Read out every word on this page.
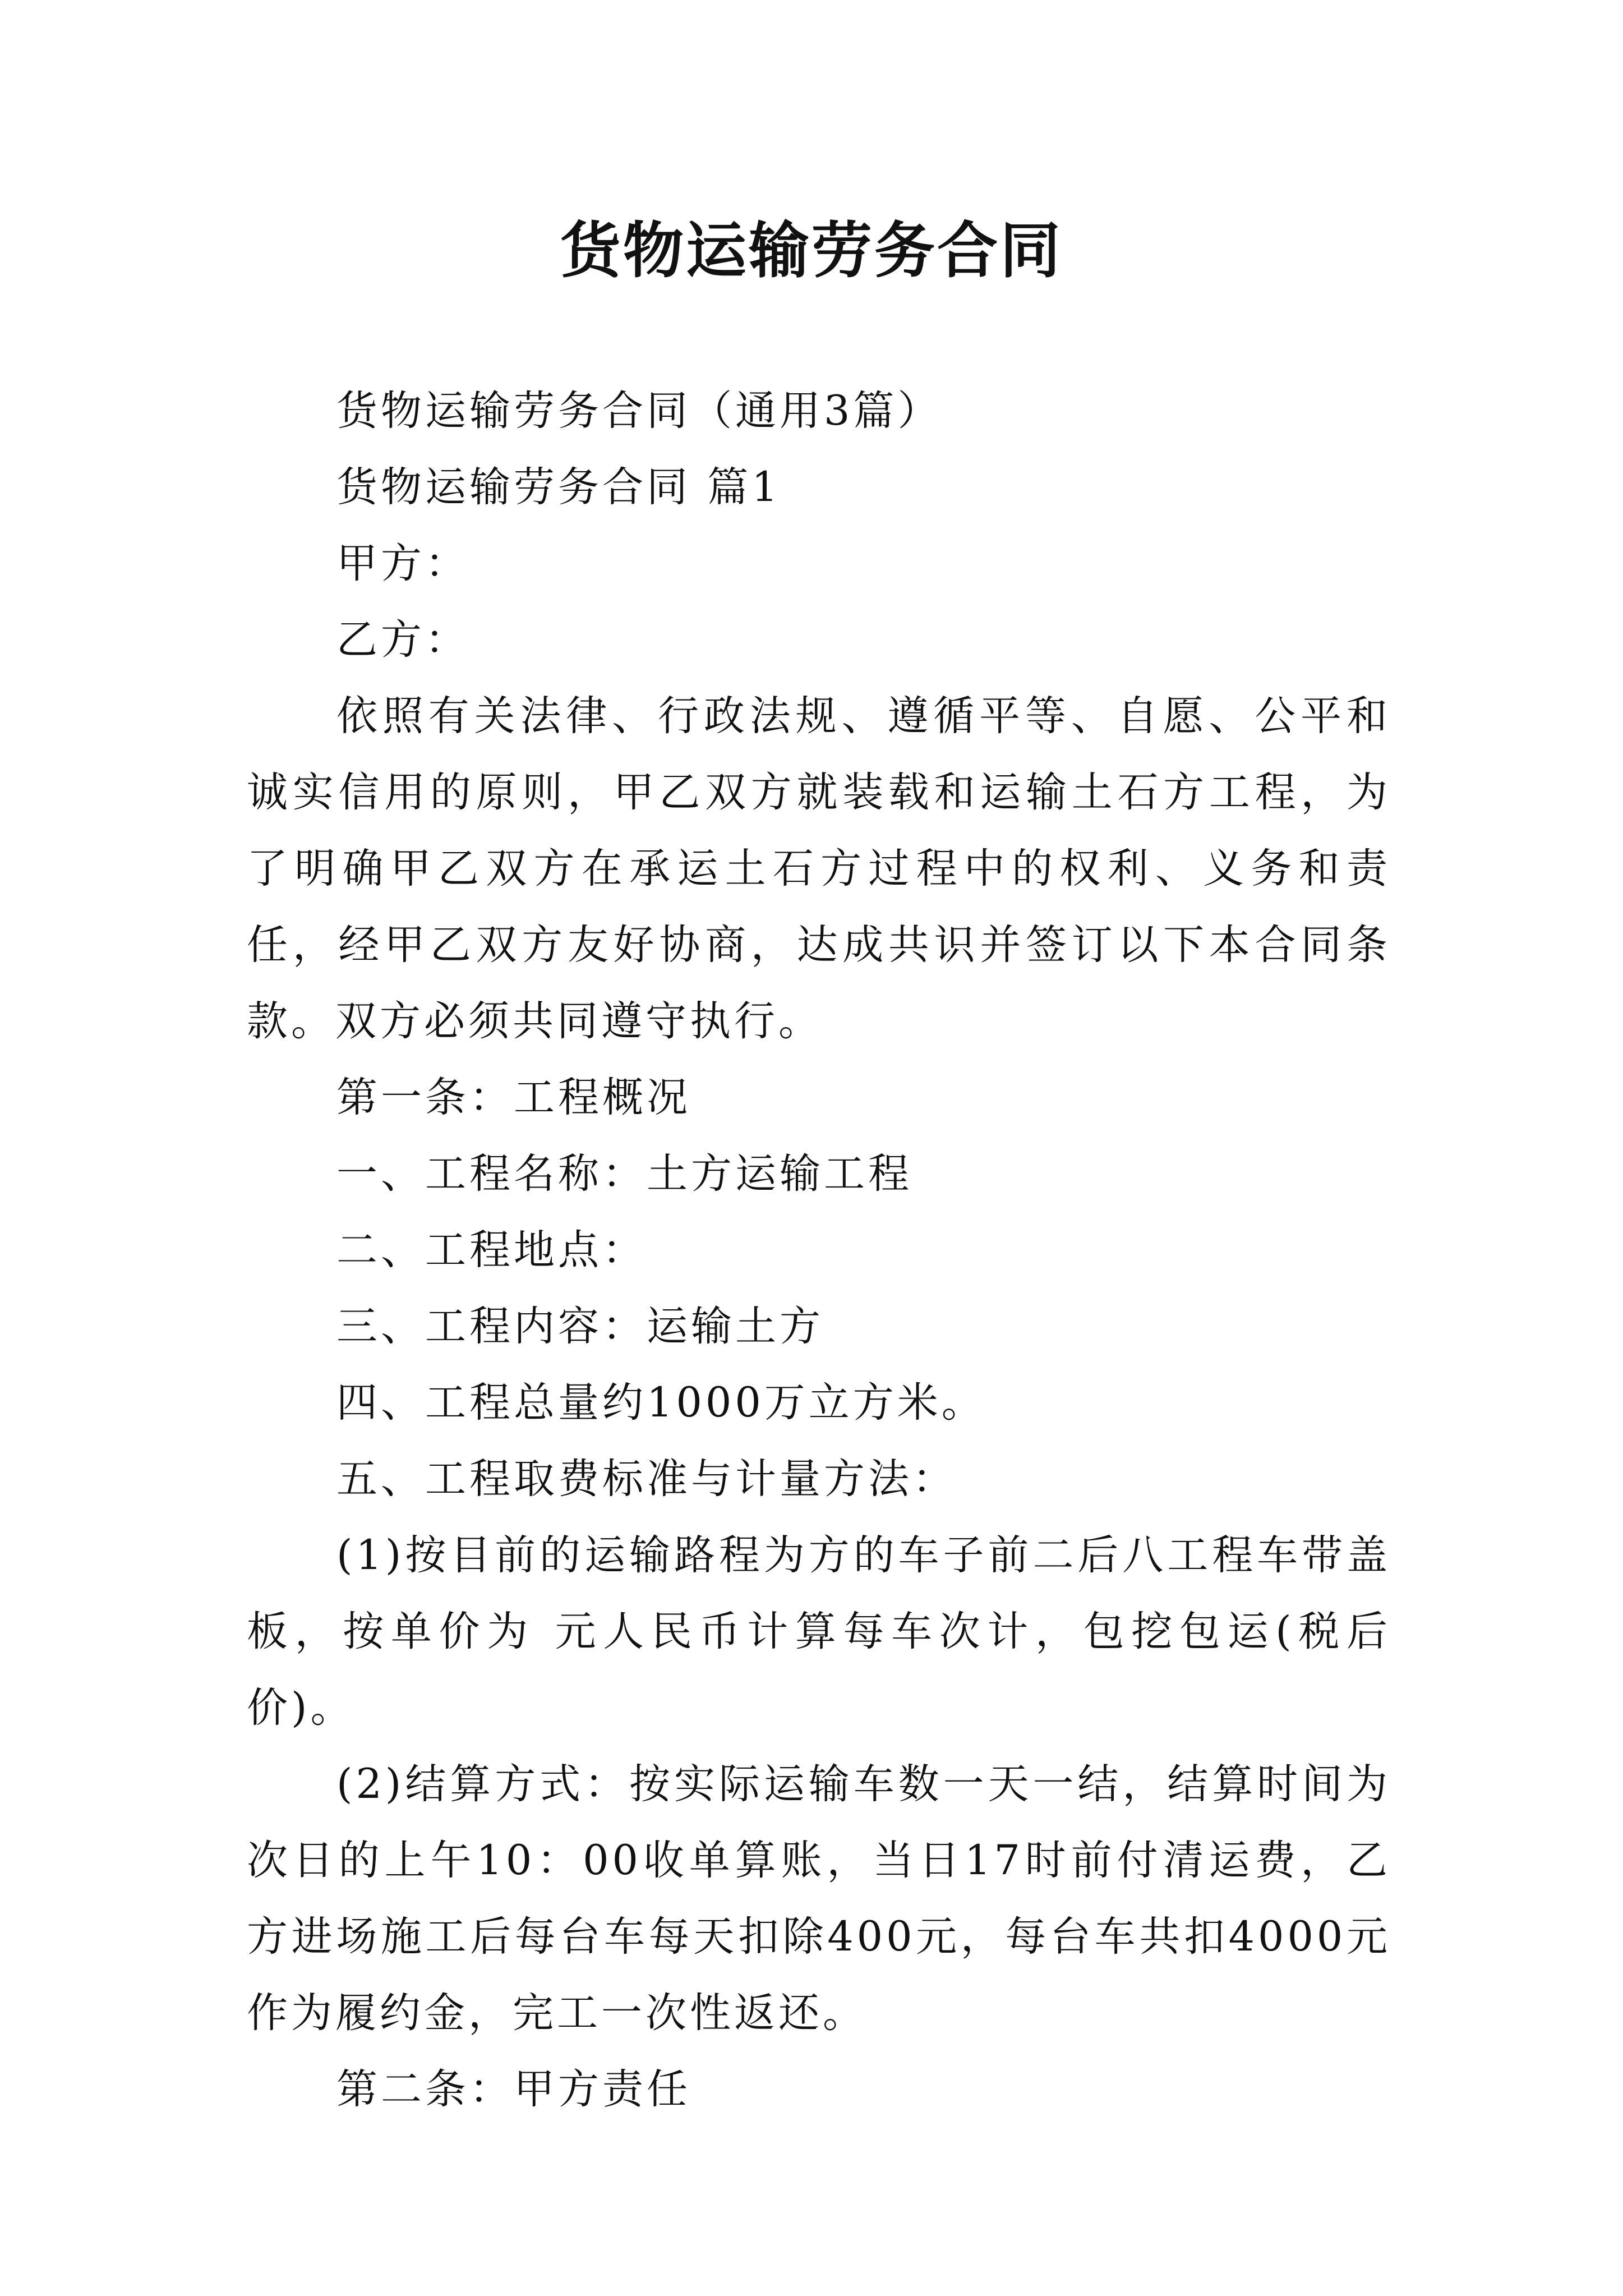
货物运输劳务合同

货物运输劳务合同（通用3篇）

货物运输劳务合同 篇1

甲方：

乙方：

依照有关法律、行政法规、遵循平等、自愿、公平和诚实信用的原则，甲乙双方就装载和运输土石方工程，为了明确甲乙双方在承运土石方过程中的权利、义务和责任，经甲乙双方友好协商，达成共识并签订以下本合同条款。双方必须共同遵守执行。

第一条：工程概况

一、工程名称：土方运输工程

二、工程地点：

三、工程内容：运输土方

四、工程总量约1000万立方米。

五、工程取费标准与计量方法：

(1)按目前的运输路程为方的车子前二后八工程车带盖板，按单价为 元人民币计算每车次计，包挖包运(税后价)。

(2)结算方式：按实际运输车数一天一结，结算时间为次日的上午10：00收单算账，当日17时前付清运费，乙方进场施工后每台车每天扣除400元，每台车共扣4000元作为履约金，完工一次性返还。

第二条：甲方责任
